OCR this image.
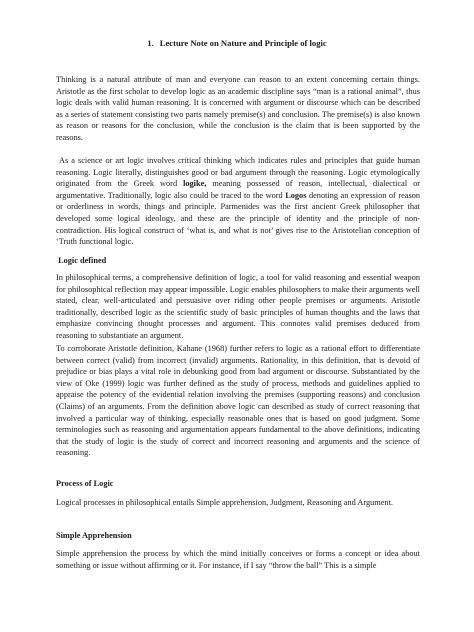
1. Lecture Note on Nature and Principle of logic

Thinking is a natural attribute of man and everyone can reason to an extent concerning certain things. Aristotle as the first scholar to develop logic as an academic discipline says “man is a rational animal”, thus logic deals with valid human reasoning. It is concerned with argument or discourse which can be described as a series of statement consisting two parts namely premise(s) and conclusion. The premise(s) is also known as reason or reasons for the conclusion, while the conclusion is the claim that is been supported by the reasons.

As a science or art logic involves critical thinking which indicates rules and principles that guide human reasoning. Logic literally, distinguishes good or bad argument through the reasoning. Logic etymologically originated from the Greek word logike, meaning possessed of reason, intellectual, dialectical or argumentative. Traditionally, logic also could be traced to the word Logos denoting an expression of reason or orderliness in words, things and principle. Parmenides was the first ancient Greek philosopher that developed some logical ideology, and these are the principle of identity and the principle of non-contradiction. His logical construct of ‘what is, and what is not’ gives rise to the Aristotelian conception of ‘Truth functional logic.

Logic defined

In philosophical terms, a comprehensive definition of logic, a tool for valid reasoning and essential weapon for philosophical reflection may appear impossible. Logic enables philosophers to make their arguments well stated, clear, well-articulated and persuasive over riding other people premises or arguments. Aristotle traditionally, described logic as the scientific study of basic principles of human thoughts and the laws that emphasize convincing thought processes and argument. This connotes valid premises deduced from reasoning to substantiate an argument.

To corroborate Aristotle definition, Kahane (1968) further refers to logic as a rational effort to differentiate between correct (valid) from incorrect (invalid) arguments. Rationality, in this definition, that is devoid of prejudice or bias plays a vital role in debunking good from bad argument or discourse. Substantiated by the view of Oke (1999) logic was further defined as the study of process, methods and guidelines applied to appraise the potency of the evidential relation involving the premises (supporting reasons) and conclusion (Claims) of an arguments. From the definition above logic can described as study of correct reasoning that involved a particular way of thinking, especially reasonable ones that is based on good judgment. Some terminologies such as reasoning and argumentation appears fundamental to the above definitions, indicating that the study of logic is the study of correct and incorrect reasoning and arguments and the science of reasoning.

Process of Logic

Logical processes in philosophical entails Simple apprehension, Judgment, Reasoning and Argument.

Simple Apprehension

Simple apprehension the process by which the mind initially conceives or forms a concept or idea about something or issue without affirming or it. For instance, if I say “throw the ball” This is a simple
